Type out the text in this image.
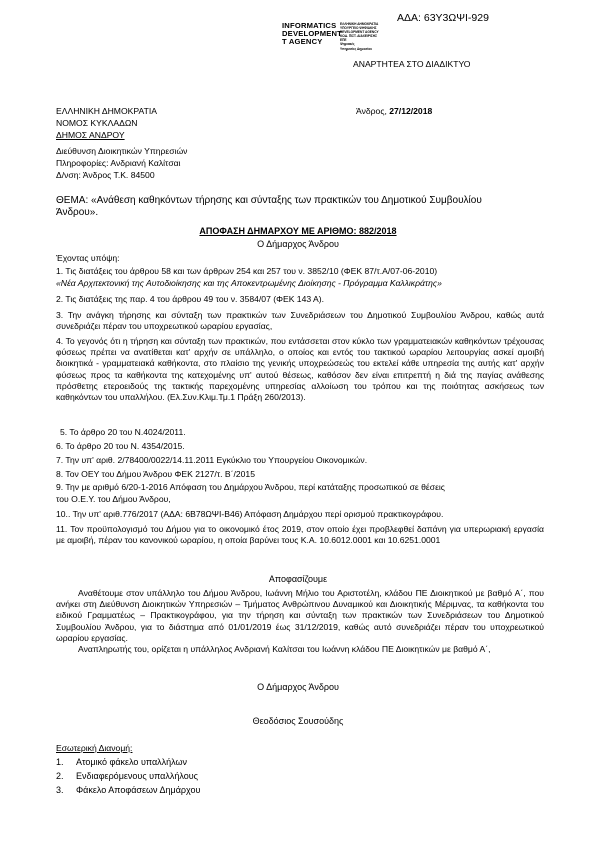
ΑΔΑ: 63Υ3ΩΨΙ-929
INFORMATICS
DEVELOPMENT
T AGENCY
ΕΛΛΗΝΙΚΗ ΔΗΜΟΚΡΑΤΙΑ
ΥΠΟΥΡΓΕΙΟ ΨΗΦΙΑΚΗΣ
DEVELOPMENT AGENCY
ΚΩΔ. ΠΙΣΤ. ΔΙΑΧΕΙΡΙΣΗΣ
ΕΠΕ
Ψηφιακές
Υπηρεσίες Δημοσίου
ΑΝΑΡΤΗΤΕΑ ΣΤΟ ΔΙΑΔΙΚΤΥΟ
ΕΛΛΗΝΙΚΗ ΔΗΜΟΚΡΑΤΙΑ
ΝΟΜΟΣ ΚΥΚΛΑΔΩΝ
ΔΗΜΟΣ ΑΝΔΡΟΥ
Άνδρος, 27/12/2018
Διεύθυνση Διοικητικών Υπηρεσιών
Πληροφορίες: Ανδριανή Καλίτσαι
Δ/νση: Άνδρος Τ.Κ. 84500
ΘΕΜΑ: «Ανάθεση καθηκόντων τήρησης και σύνταξης των πρακτικών του Δημοτικού Συμβουλίου
Άνδρου».
ΑΠΟΦΑΣΗ ΔΗΜΑΡΧΟΥ ΜΕ ΑΡΙΘΜΟ: 882/2018
Ο Δήμαρχος Άνδρου
Έχοντας υπόψη:
1. Τις διατάξεις του άρθρου 58 και των άρθρων 254 και 257 του ν. 3852/10 (ΦΕΚ 87/τ.Α/07-06-2010)
«Νέα Αρχιτεκτονική της Αυτοδιοίκησης και της Αποκεντρωμένης Διοίκησης - Πρόγραμμα Καλλικράτης»
2. Τις διατάξεις της παρ. 4 του άρθρου 49 του ν. 3584/07 (ΦΕΚ 143 Α).
3. Την ανάγκη τήρησης και σύνταξη των πρακτικών των Συνεδριάσεων του Δημοτικού Συμβουλίου Άνδρου, καθώς αυτά συνεδριάζει πέραν του υποχρεωτικού ωραρίου εργασίας,
4. Το γεγονός ότι η τήρηση και σύνταξη των πρακτικών, που εντάσσεται στον κύκλο των γραμματειακών καθηκόντων τρέχουσας φύσεως πρέπει να ανατίθεται κατ' αρχήν σε υπάλληλο, ο οποίος και εντός του τακτικού ωραρίου λειτουργίας ασκεί αμοιβή διοικητικά - γραμματειακά καθήκοντα, στο πλαίσιο της γενικής υποχρεώσεώς του εκτελεί κάθε υπηρεσία της αυτής κατ' αρχήν φύσεως προς τα καθήκοντα της κατεχομένης υπ' αυτού θέσεως, καθόσον δεν είναι επιτρεπτή η διά της παγίας ανάθεσης πρόσθετης ετεροειδούς της τακτικής παρεχομένης υπηρεσίας αλλοίωση του τρόπου και της ποιότητας ασκήσεως των καθηκόντων του υπαλλήλου. (Ελ.Συν.Κλιμ.Τμ.1 Πράξη 260/2013).
5. Το άρθρο 20 του Ν.4024/2011.
6. Το άρθρο 20 του Ν. 4354/2015.
7. Την υπ' αριθ. 2/78400/0022/14.11.2011 Εγκύκλιο του Υπουργείου Οικονομικών.
8. Τον ΟΕΥ του Δήμου Άνδρου ΦΕΚ 2127/τ. Β΄/2015
9. Την με αριθμό 6/20-1-2016 Απόφαση του Δημάρχου Άνδρου, περί κατάταξης προσωπικού σε θέσεις
του Ο.Ε.Υ. του Δήμου Άνδρου,
10.. Την υπ' αριθ.776/2017 (ΑΔΑ: 6Β78ΩΨΙ-Β46) Απόφαση Δημάρχου περί ορισμού πρακτικογράφου.
11. Τον προϋπολογισμό του Δήμου για το οικονομικό έτος 2019, στον οποίο έχει προβλεφθεί δαπάνη για υπερωριακή εργασία με αμοιβή, πέραν του κανονικού ωραρίου, η οποία βαρύνει τους Κ.Α. 10.6012.0001 και 10.6251.0001
Αποφασίζουμε
Αναθέτουμε στον υπάλληλο του Δήμου Άνδρου, Ιωάννη Μήλιο του Αριστοτέλη, κλάδου ΠΕ Διοικητικού με βαθμό Α΄, που ανήκει στη Διεύθυνση Διοικητικών Υπηρεσιών – Τμήματος Ανθρώπινου Δυναμικού και Διοικητικής Μέριμνας, τα καθήκοντα του ειδικού Γραμματέως – Πρακτικογράφου, για την τήρηση και σύνταξη των πρακτικών των Συνεδριάσεων του Δημοτικού Συμβουλίου Άνδρου, για το διάστημα από 01/01/2019 έως 31/12/2019, καθώς αυτό συνεδριάζει πέραν του υποχρεωτικού ωραρίου εργασίας.
Αναπληρωτής του, ορίζεται η υπάλληλος Ανδριανή Καλίτσαι του Ιωάννη κλάδου ΠΕ Διοικητικών με βαθμό Α΄,
Ο Δήμαρχος Άνδρου
Θεοδόσιος Σουσούδης
Εσωτερική Διανομή:
1. Ατομικό φάκελο υπαλλήλων
2. Ενδιαφερόμενους υπαλλήλους
3. Φάκελο Αποφάσεων Δημάρχου
